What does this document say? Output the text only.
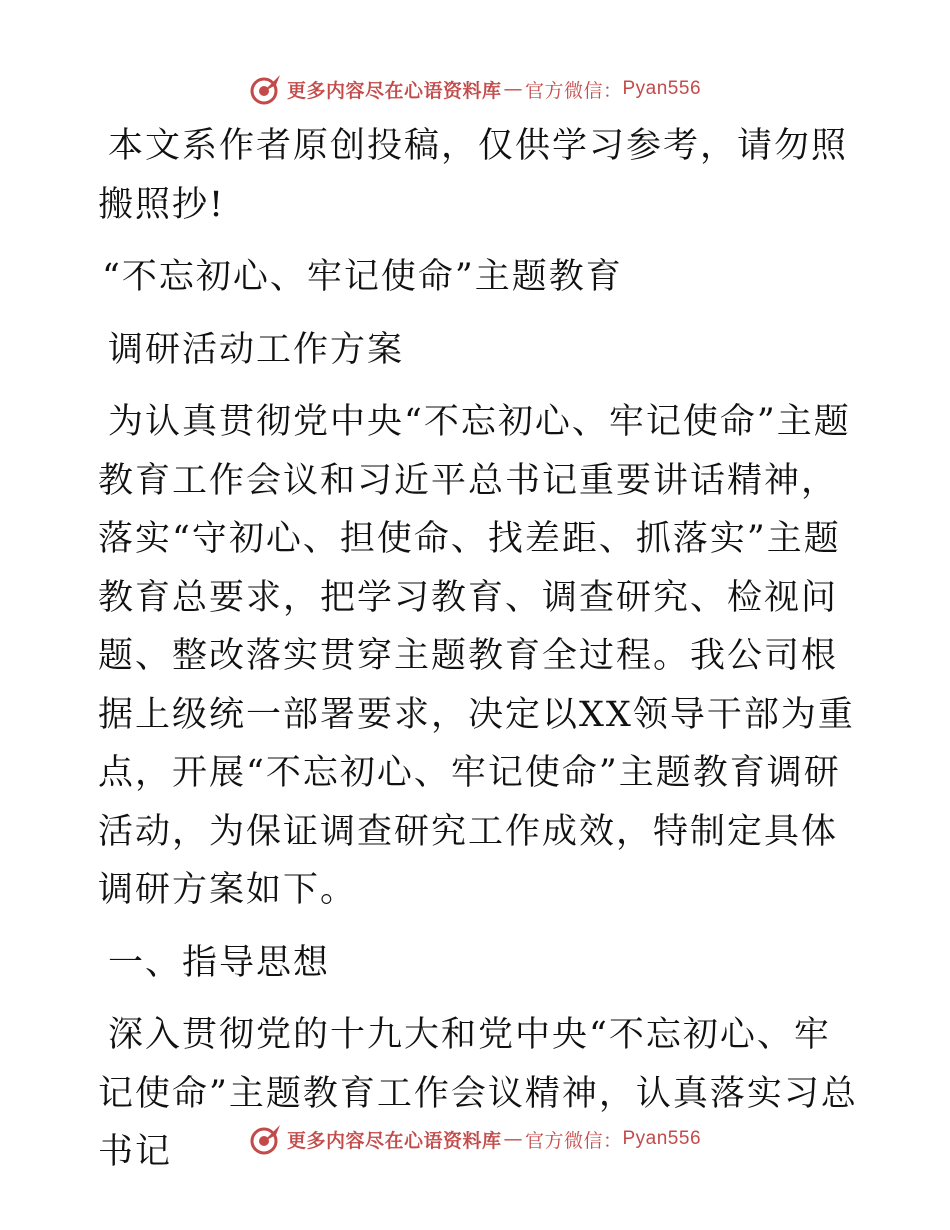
更多内容尽在心语资料库 — 官方微信： Pyan556

本文系作者原创投稿，仅供学习参考，请勿照搬照抄!

“不忘初心、牢记使命”主题教育

调研活动工作方案

为认真贯彻党中央“不忘初心、牢记使命”主题教育工作会议和习近平总书记重要讲话精神，落实“守初心、担使命、找差距、抓落实”主题教育总要求，把学习教育、调查研究、检视问题、整改落实贯穿主题教育全过程。我公司根据上级统一部署要求，决定以XX领导干部为重点，开展“不忘初心、牢记使命”主题教育调研活动，为保证调查研究工作成效，特制定具体调研方案如下。

一、指导思想

深入贯彻党的十九大和党中央“不忘初心、牢记使命”主题教育工作会议精神，认真落实习总书记	更多内容尽在心语资料库 — 官方微信： Pyan556
